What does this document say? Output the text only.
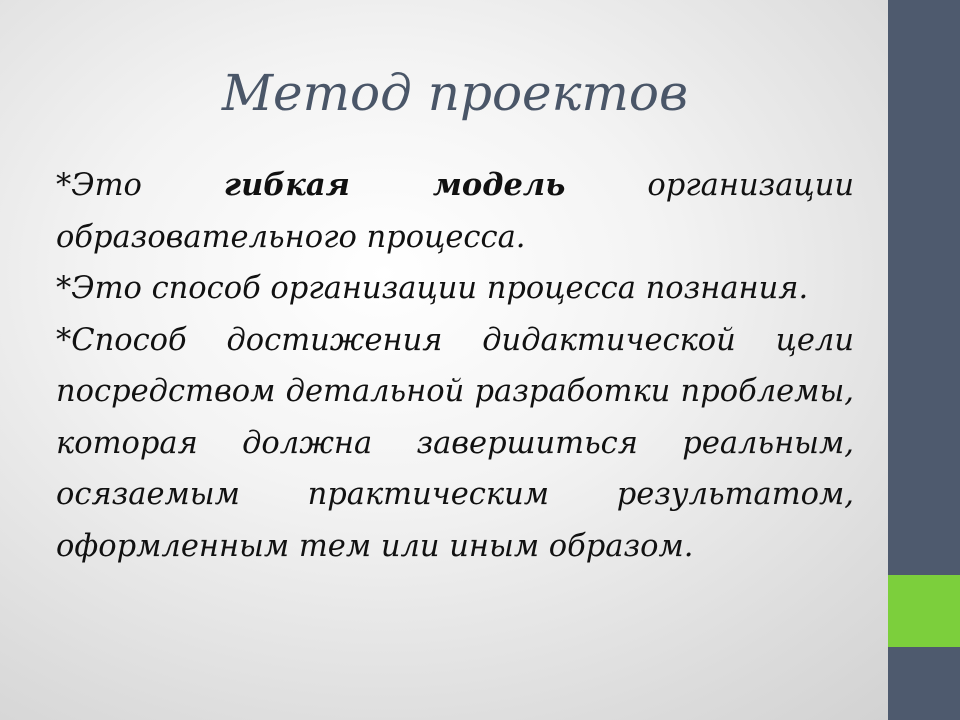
Метод проектов

*Это гибкая модель организации образовательного процесса.

*Это способ организации процесса познания.

*Способ достижения дидактической цели посредством детальной разработки проблемы, которая должна завершиться реальным, осязаемым практическим результатом, оформленным тем или иным образом.
